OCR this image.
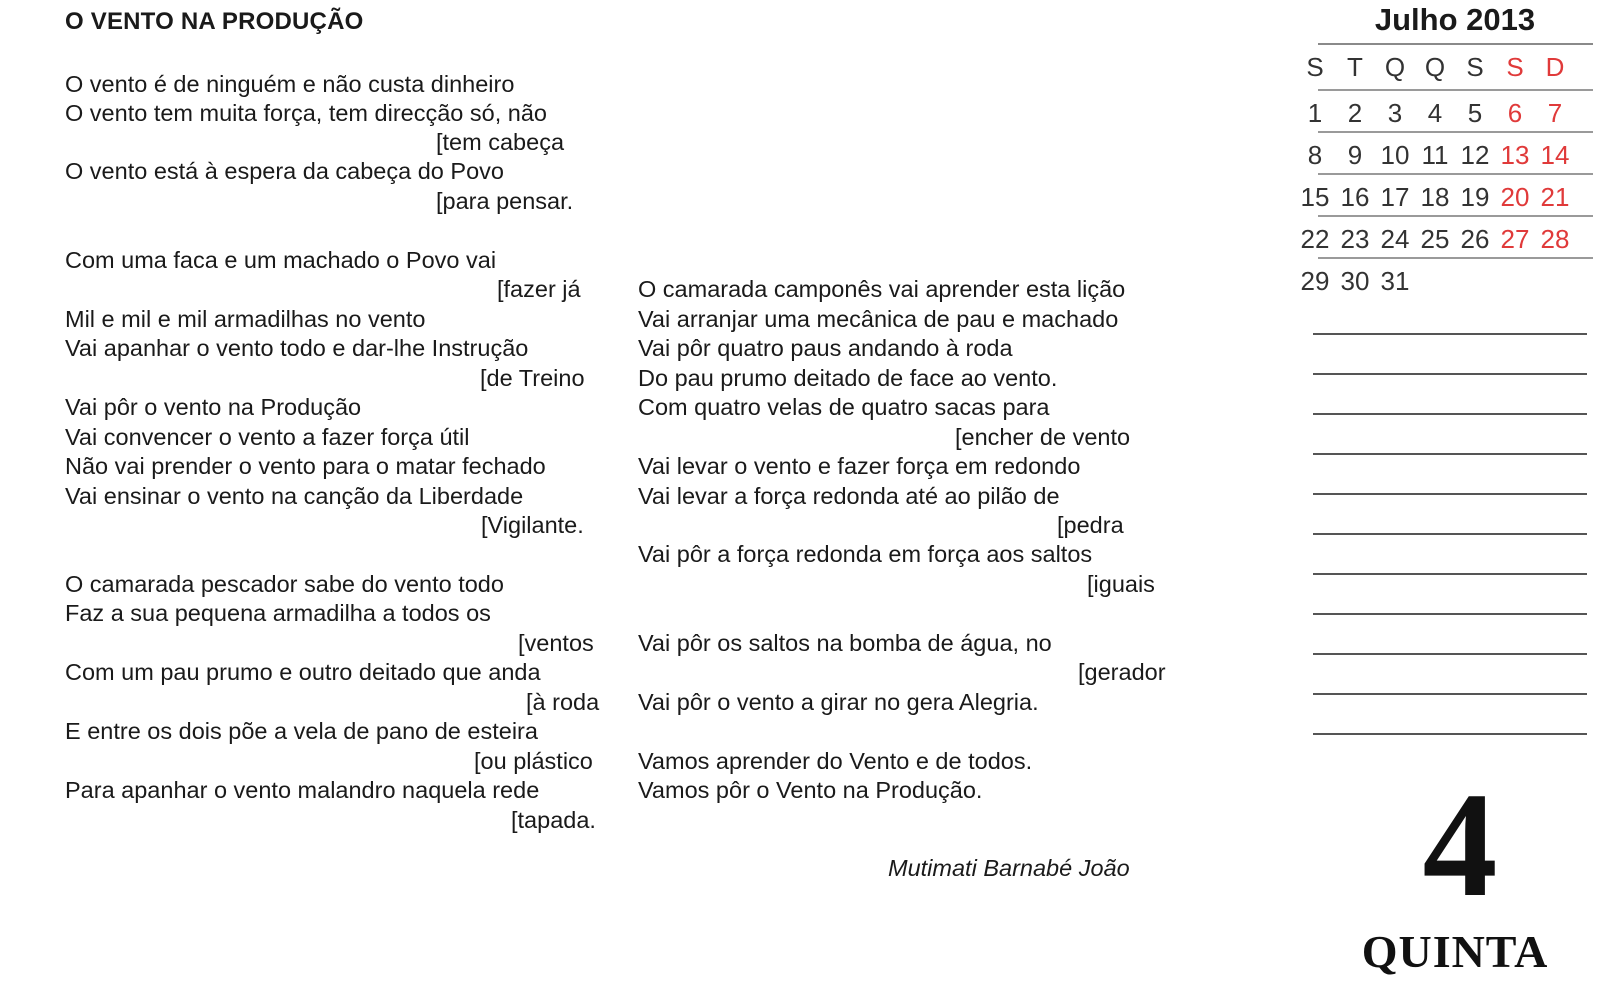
O VENTO NA PRODUÇÃO
O vento é de ninguém e não custa dinheiro
O vento tem muita força, tem direcção só, não
[tem cabeça
O vento está à espera da cabeça do Povo
[para pensar.
Com uma faca e um machado o Povo vai
[fazer já
Mil e mil e mil armadilhas no vento
Vai apanhar o vento todo e dar-lhe Instrução
[de Treino
Vai pôr o vento na Produção
Vai convencer o vento a fazer força útil
Não vai prender o vento para o matar fechado
Vai ensinar o vento na canção da Liberdade
[Vigilante.
O camarada pescador sabe do vento todo
Faz a sua pequena armadilha a todos os
[ventos
Com um pau prumo e outro deitado que anda
[à roda
E entre os dois põe a vela de pano de esteira
[ou plástico
Para apanhar o vento malandro naquela rede
[tapada.
O camarada camponês vai aprender esta lição
Vai arranjar uma mecânica de pau e machado
Vai pôr quatro paus andando à roda
Do pau prumo deitado de face ao vento.
Com quatro velas de quatro sacas para
[encher de vento
Vai levar o vento e fazer força em redondo
Vai levar a força redonda até ao pilão de
[pedra
Vai pôr a força redonda em força aos saltos
[iguais
Vai pôr os saltos na bomba de água, no
[gerador
Vai pôr o vento a girar no gera Alegria.
Vamos aprender do Vento e de todos.
Vamos pôr o Vento na Produção.
Mutimati Barnabé João
Julho 2013
S T Q Q S S D
1 2 3 4 5 6 7
8 9 10 11 12 13 14
15 16 17 18 19 20 21
22 23 24 25 26 27 28
29 30 31
4
QUINTA
